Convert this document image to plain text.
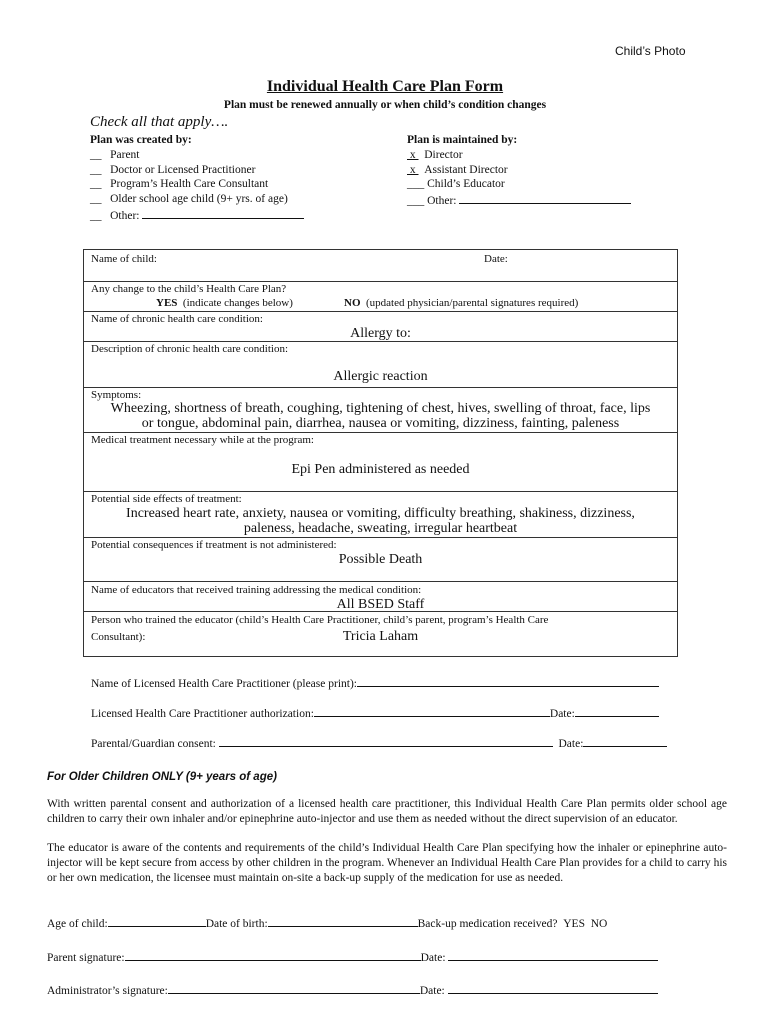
Child’s Photo
Individual Health Care Plan Form
Plan must be renewed annually or when child’s condition changes
Check all that apply….
Plan was created by:
__ Parent
__ Doctor or Licensed Practitioner
__ Program’s Health Care Consultant
__ Older school age child (9+ yrs. of age)
__ Other:
Plan is maintained by:
x   Director
x   Assistant Director
___ Child’s Educator
___ Other:
Name of child:	Date:
Any change to the child’s Health Care Plan?
YES (indicate changes below)	NO (updated physician/parental signatures required)
Name of chronic health care condition:
Allergy to:
Description of chronic health care condition:
Allergic reaction
Symptoms:
Wheezing, shortness of breath, coughing, tightening of chest, hives, swelling of throat, face, lips
or tongue, abdominal pain, diarrhea, nausea or vomiting, dizziness, fainting, paleness
Medical treatment necessary while at the program:
Epi Pen administered as needed
Potential side effects of treatment:
Increased heart rate, anxiety, nausea or vomiting, difficulty breathing, shakiness, dizziness,
paleness, headache, sweating, irregular heartbeat
Potential consequences if treatment is not administered:
Possible Death
Name of educators that received training addressing the medical condition:
All BSED Staff
Person who trained the educator (child’s Health Care Practitioner, child’s parent, program’s Health Care
Consultant):	Tricia Laham
Name of Licensed Health Care Practitioner (please print):
Licensed Health Care Practitioner authorization:	Date:
Parental/Guardian consent:	Date:
For Older Children ONLY (9+ years of age)
With written parental consent and authorization of a licensed health care practitioner, this Individual Health Care Plan permits older school age children to carry their own inhaler and/or epinephrine auto-injector and use them as needed without the direct supervision of an educator.
The educator is aware of the contents and requirements of the child’s Individual Health Care Plan specifying how the inhaler or epinephrine auto-injector will be kept secure from access by other children in the program. Whenever an Individual Health Care Plan provides for a child to carry his or her own medication, the licensee must maintain on-site a back-up supply of the medication for use as needed.
Age of child:	Date of birth:	Back-up medication received? YES NO
Parent signature:	Date:
Administrator’s signature:	Date:
